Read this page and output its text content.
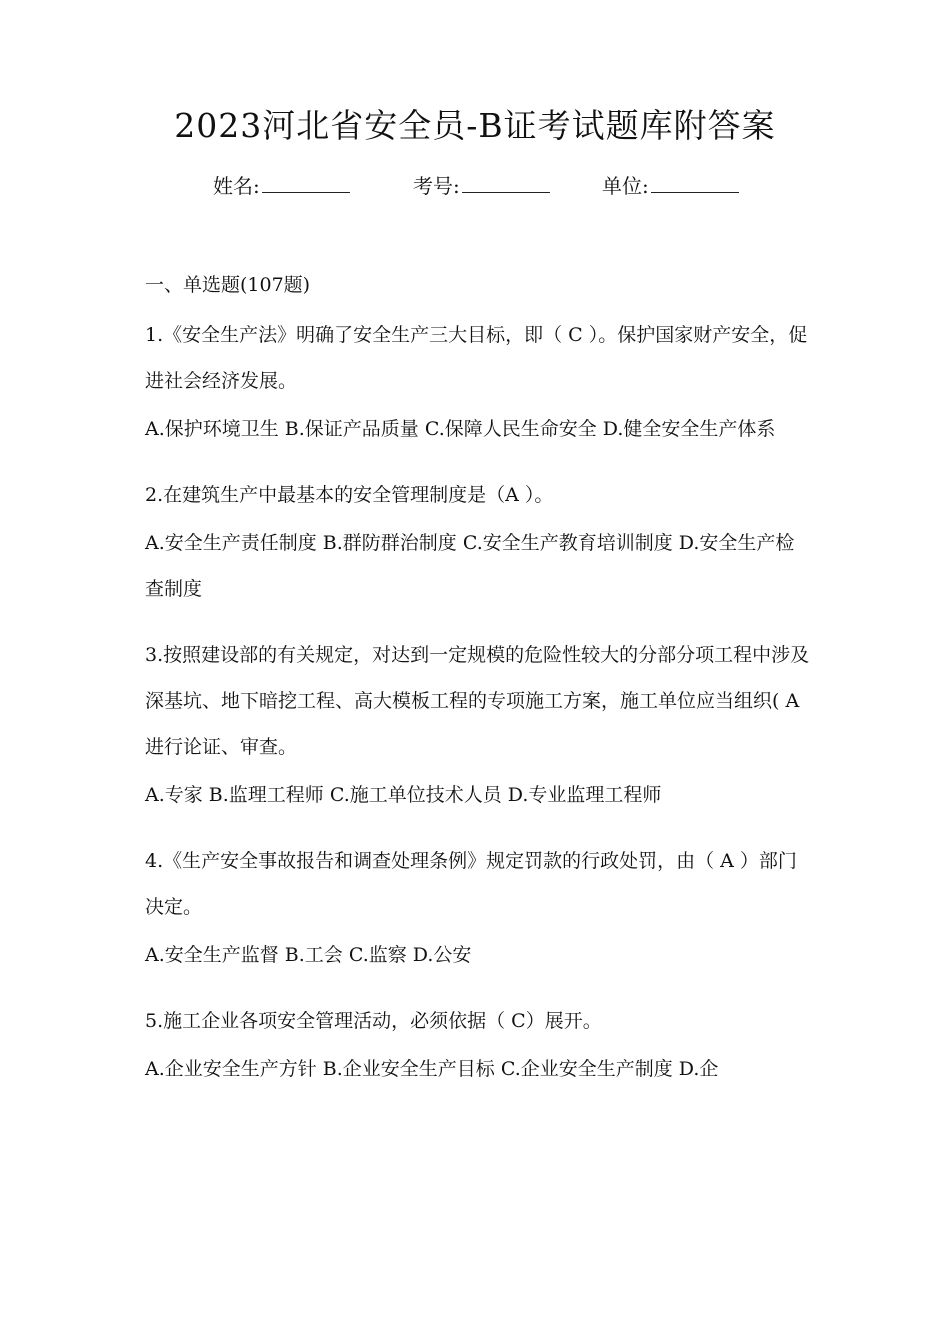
2023河北省安全员-B证考试题库附答案
姓名:	考号:	单位:
一、单选题(107题)

1.《安全生产法》明确了安全生产三大目标，即（ C ）。保护国家财产安全，促进社会经济发展。

A.保护环境卫生 B.保证产品质量 C.保障人民生命安全 D.健全安全生产体系

2.在建筑生产中最基本的安全管理制度是（A ）。

A.安全生产责任制度 B.群防群治制度 C.安全生产教育培训制度 D.安全生产检查制度

3.按照建设部的有关规定，对达到一定规模的危险性较大的分部分项工程中涉及深基坑、地下暗挖工程、高大模板工程的专项施工方案，施工单位应当组织( A 进行论证、审查。

A.专家 B.监理工程师 C.施工单位技术人员 D.专业监理工程师

4.《生产安全事故报告和调查处理条例》规定罚款的行政处罚，由（ A ）部门决定。

A.安全生产监督 B.工会 C.监察 D.公安

5.施工企业各项安全管理活动，必须依据（ C）展开。

A.企业安全生产方针 B.企业安全生产目标 C.企业安全生产制度 D.企
